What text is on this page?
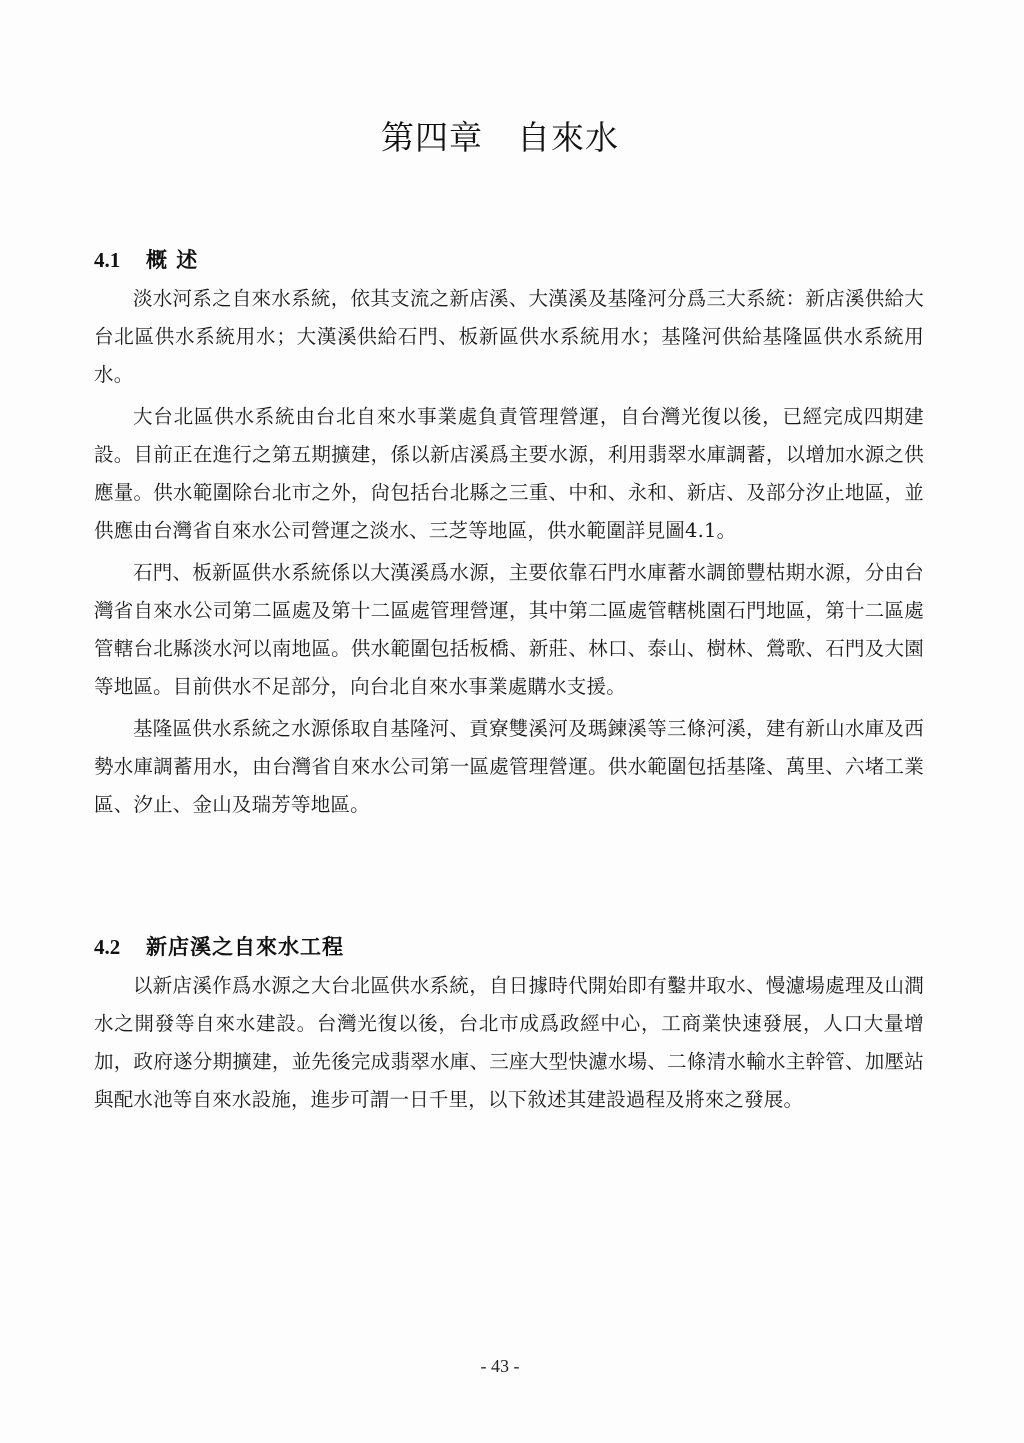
第四章　自來水
4.1	概 述

淡水河系之自來水系統，依其支流之新店溪、大漢溪及基隆河分爲三大系統：新店溪供給大台北區供水系統用水；大漢溪供給石門、板新區供水系統用水；基隆河供給基隆區供水系統用水。

大台北區供水系統由台北自來水事業處負責管理營運，自台灣光復以後，已經完成四期建設。目前正在進行之第五期擴建，係以新店溪爲主要水源，利用翡翠水庫調蓄，以增加水源之供應量。供水範圍除台北市之外，尙包括台北縣之三重、中和、永和、新店、及部分汐止地區，並供應由台灣省自來水公司營運之淡水、三芝等地區，供水範圍詳見圖4.1。

石門、板新區供水系統係以大漢溪爲水源，主要依靠石門水庫蓄水調節豐枯期水源，分由台灣省自來水公司第二區處及第十二區處管理營運，其中第二區處管轄桃園石門地區，第十二區處管轄台北縣淡水河以南地區。供水範圍包括板橋、新莊、林口、泰山、樹林、鶯歌、石門及大園等地區。目前供水不足部分，向台北自來水事業處購水支援。

基隆區供水系統之水源係取自基隆河、貢寮雙溪河及瑪鍊溪等三條河溪，建有新山水庫及西勢水庫調蓄用水，由台灣省自來水公司第一區處管理營運。供水範圍包括基隆、萬里、六堵工業區、汐止、金山及瑞芳等地區。

4.2	新店溪之自來水工程

以新店溪作爲水源之大台北區供水系統，自日據時代開始即有鑿井取水、慢濾場處理及山澗水之開發等自來水建設。台灣光復以後，台北市成爲政經中心，工商業快速發展，人口大量增加，政府遂分期擴建，並先後完成翡翠水庫、三座大型快濾水場、二條清水輸水主幹管、加壓站與配水池等自來水設施，進步可謂一日千里，以下敘述其建設過程及將來之發展。

- 43 -
